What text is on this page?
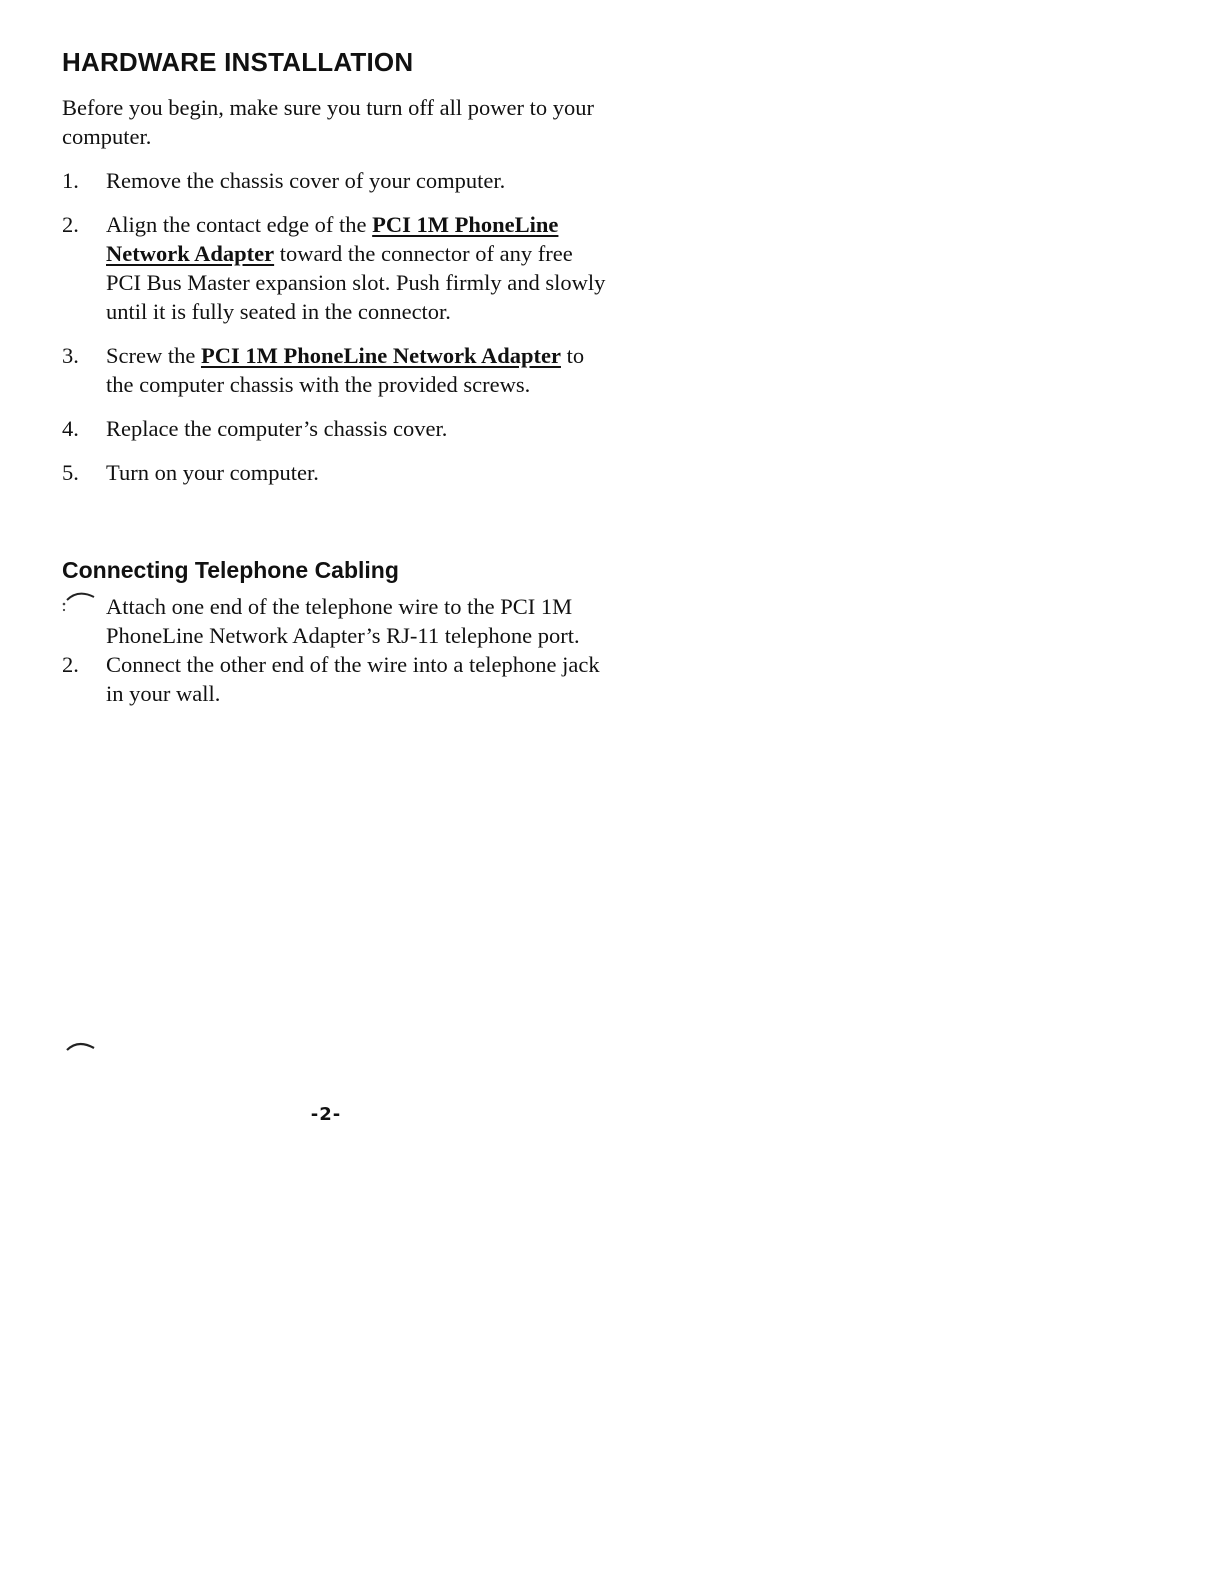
HARDWARE INSTALLATION

Before you begin, make sure you turn off all power to your computer.

1. Remove the chassis cover of your computer.
2. Align the contact edge of the PCI 1M PhoneLine Network Adapter toward the connector of any free PCI Bus Master expansion slot. Push firmly and slowly until it is fully seated in the connector.
3. Screw the PCI 1M PhoneLine Network Adapter to the computer chassis with the provided screws.
4. Replace the computer’s chassis cover.
5. Turn on your computer.
Connecting Telephone Cabling
Attach one end of the telephone wire to the PCI 1M PhoneLine Network Adapter’s RJ-11 telephone port.
2. Connect the other end of the wire into a telephone jack in your wall.
-2-
